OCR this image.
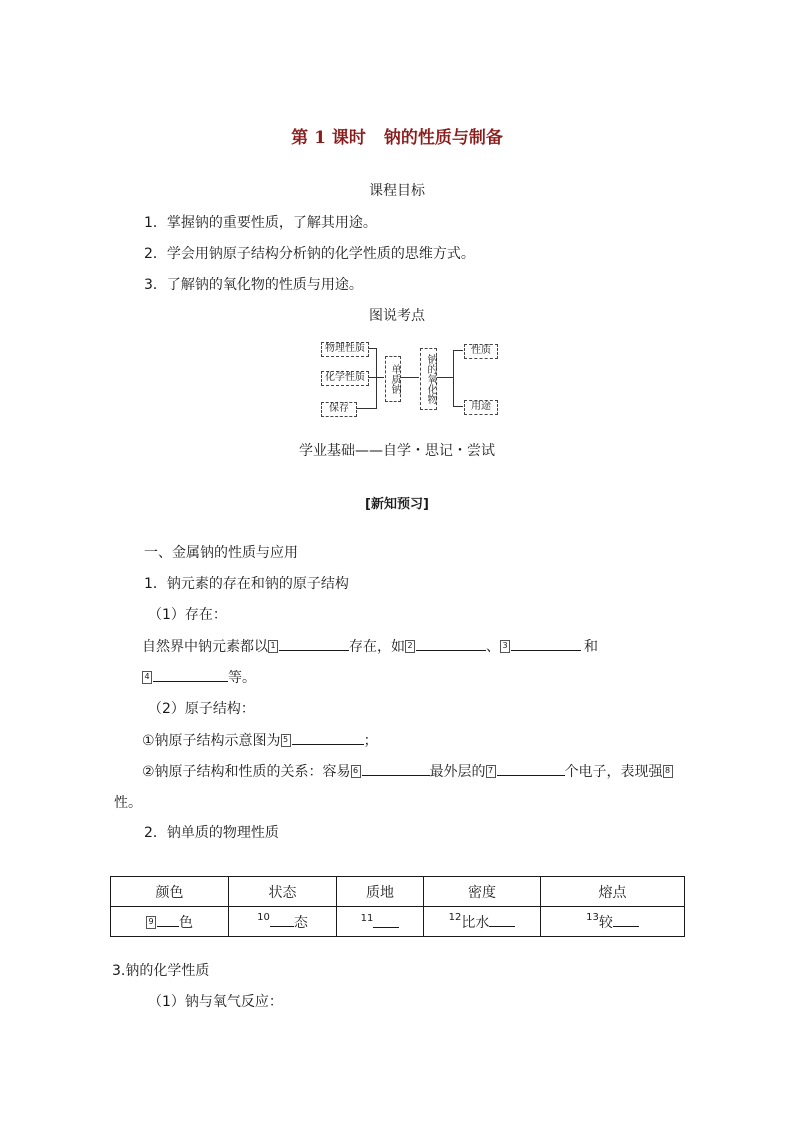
第 1 课时 钠的性质与制备
课程目标
1．掌握钠的重要性质，了解其用途。
2．学会用钠原子结构分析钠的化学性质的思维方式。
3．了解钠的氧化物的性质与用途。
图说考点
物理性质
化学性质
保存
单质钠	钠的氧化物
性质
用途
学业基础——自学・思记・尝试
[新知预习]
一、金属钠的性质与应用
1．钠元素的存在和钠的原子结构
（1）存在：
自然界中钠元素都以 1	存在，如 2	、 3	和
4	等。
（2）原子结构：
①钠原子结构示意图为 5	；
②钠原子结构和性质的关系：容易 6	最外层的 7	个电子，表现强 8
性。
2．钠单质的物理性质
颜色	状态	质地	密度	熔点
9 色	$^{10}$ 态	$^{11}$	$^{12}$比水	$^{13}$较
3.钠的化学性质
（1）钠与氧气反应：
